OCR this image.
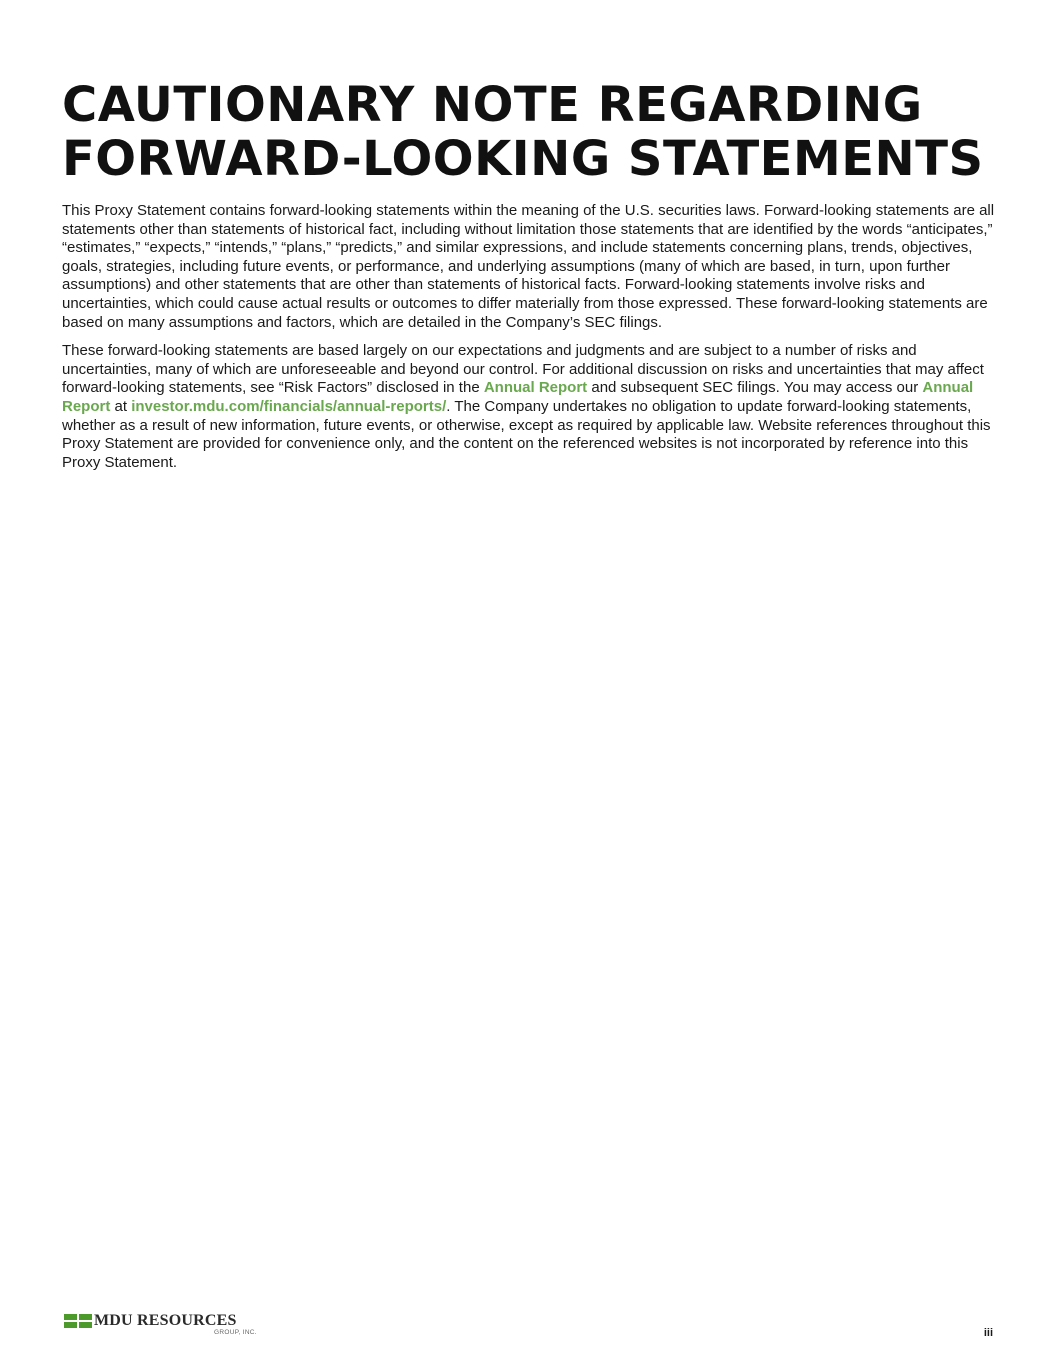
CAUTIONARY NOTE REGARDING
FORWARD-LOOKING STATEMENTS

This Proxy Statement contains forward-looking statements within the meaning of the U.S. securities laws. Forward-looking statements are all statements other than statements of historical fact, including without limitation those statements that are identified by the words “anticipates,” “estimates,” “expects,” “intends,” “plans,” “predicts,” and similar expressions, and include statements concerning plans, trends, objectives, goals, strategies, including future events, or performance, and underlying assumptions (many of which are based, in turn, upon further assumptions) and other statements that are other than statements of historical facts. Forward-looking statements involve risks and uncertainties, which could cause actual results or outcomes to differ materially from those expressed. These forward-looking statements are based on many assumptions and factors, which are detailed in the Company’s SEC filings.

These forward-looking statements are based largely on our expectations and judgments and are subject to a number of risks and uncertainties, many of which are unforeseeable and beyond our control. For additional discussion on risks and uncertainties that may affect forward-looking statements, see “Risk Factors” disclosed in the Annual Report and subsequent SEC filings. You may access our Annual Report at investor.mdu.com/financials/annual-reports/. The Company undertakes no obligation to update forward-looking statements, whether as a result of new information, future events, or otherwise, except as required by applicable law. Website references throughout this Proxy Statement are provided for convenience only, and the content on the referenced websites is not incorporated by reference into this Proxy Statement.

MDU RESOURCES
GROUP, INC.	iii
